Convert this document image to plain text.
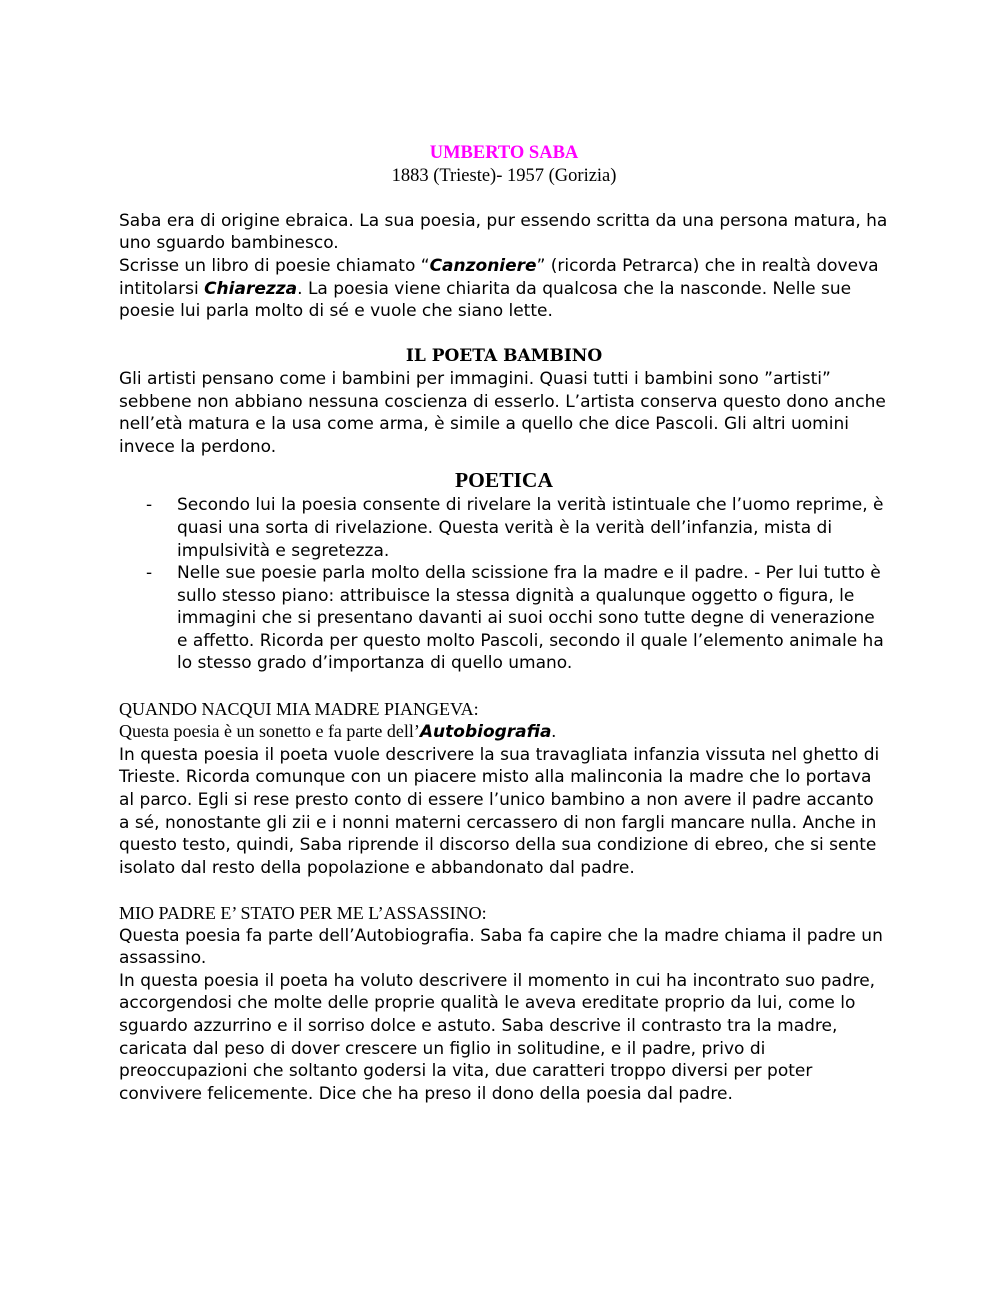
UMBERTO SABA
1883 (Trieste)- 1957 (Gorizia)

Saba era di origine ebraica. La sua poesia, pur essendo scritta da una persona matura, ha uno sguardo bambinesco.

Scrisse un libro di poesie chiamato “Canzoniere” (ricorda Petrarca) che in realtà doveva intitolarsi Chiarezza. La poesia viene chiarita da qualcosa che la nasconde. Nelle sue poesie lui parla molto di sé e vuole che siano lette.

IL POETA BAMBINO

Gli artisti pensano come i bambini per immagini. Quasi tutti i bambini sono ”artisti” sebbene non abbiano nessuna coscienza di esserlo. L’artista conserva questo dono anche nell’età matura e la usa come arma, è simile a quello che dice Pascoli. Gli altri uomini invece la perdono.

POETICA
- Secondo lui la poesia consente di rivelare la verità istintuale che l’uomo reprime, è quasi una sorta di rivelazione. Questa verità è la verità dell’infanzia, mista di impulsività e segretezza.
- Nelle sue poesie parla molto della scissione fra la madre e il padre. - Per lui tutto è sullo stesso piano: attribuisce la stessa dignità a qualunque oggetto o figura, le immagini che si presentano davanti ai suoi occhi sono tutte degne di venerazione e affetto. Ricorda per questo molto Pascoli, secondo il quale l’elemento animale ha lo stesso grado d’importanza di quello umano.

QUANDO NACQUI MIA MADRE PIANGEVA:

Questa poesia è un sonetto e fa parte dell’Autobiografia.

In questa poesia il poeta vuole descrivere la sua travagliata infanzia vissuta nel ghetto di Trieste. Ricorda comunque con un piacere misto alla malinconia la madre che lo portava al parco. Egli si rese presto conto di essere l’unico bambino a non avere il padre accanto a sé, nonostante gli zii e i nonni materni cercassero di non fargli mancare nulla. Anche in questo testo, quindi, Saba riprende il discorso della sua condizione di ebreo, che si sente isolato dal resto della popolazione e abbandonato dal padre.

MIO PADRE E’ STATO PER ME L’ASSASSINO:

Questa poesia fa parte dell’Autobiografia. Saba fa capire che la madre chiama il padre un assassino.

In questa poesia il poeta ha voluto descrivere il momento in cui ha incontrato suo padre, accorgendosi che molte delle proprie qualità le aveva ereditate proprio da lui, come lo sguardo azzurrino e il sorriso dolce e astuto. Saba descrive il contrasto tra la madre, caricata dal peso di dover crescere un figlio in solitudine, e il padre, privo di preoccupazioni che soltanto godersi la vita, due caratteri troppo diversi per poter convivere felicemente. Dice che ha preso il dono della poesia dal padre.
